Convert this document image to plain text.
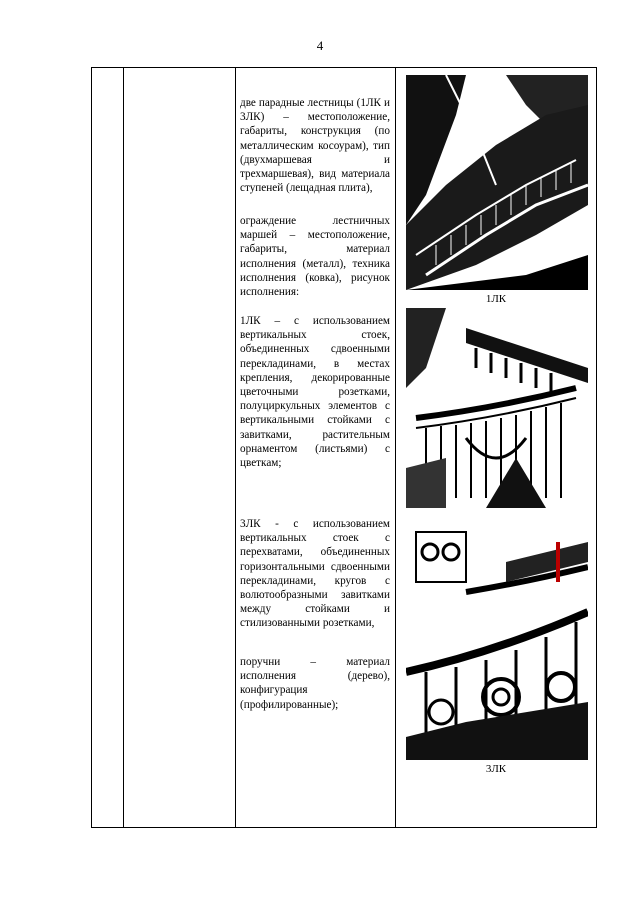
4

две парадные лестницы (1ЛК и 3ЛК) – местоположение, габариты, конструкция (по металлическим косоурам), тип (двухмаршевая и трехмаршевая), вид материала ступеней (лещадная плита),

ограждение лестничных маршей – местоположение, габариты, материал исполнения (металл), техника исполнения (ковка), рисунок исполнения:

1ЛК – с использованием вертикальных стоек, объединенных сдвоенными перекладинами, в местах крепления, декорированные цветочными розетками, полуциркульных элементов с вертикальными стойками с завитками, растительным орнаментом (листьями) с цветкам;

3ЛК - с использованием вертикальных стоек с перехватами, объединенных горизонтальными сдвоенными перекладинами, кругов с волютообразными завитками между стойками и стилизованными розетками,

поручни – материал исполнения (дерево), конфигурация (профилированные);

1ЛК
3ЛК
